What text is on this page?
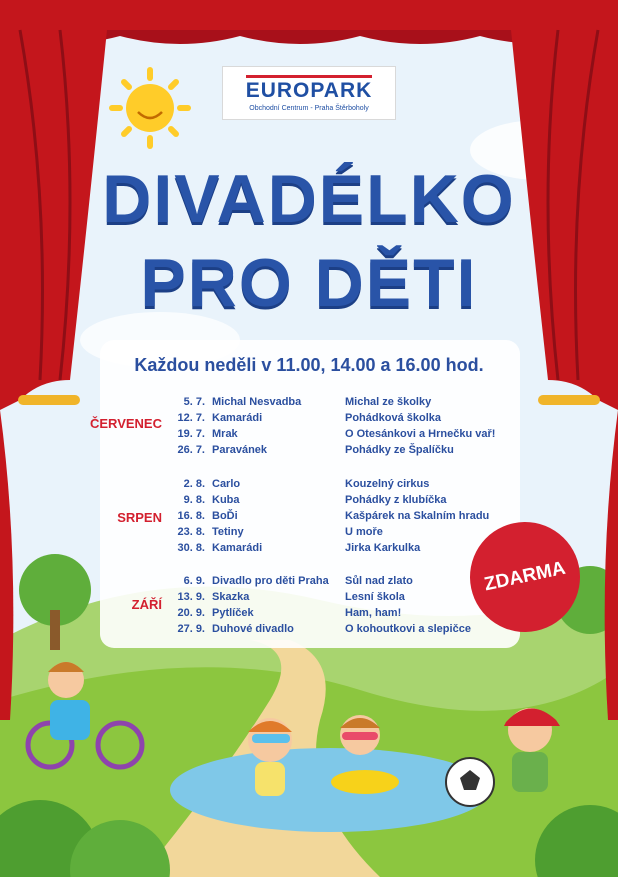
EUROPARK
Obchodní Centrum - Praha Štěrboholy
DIVADÉLKO
PRO DĚTI
Každou neděli v 11.00, 14.00 a 16.00 hod.
ČERVENEC
5. 7. Michal Nesvadba	Michal ze školky
12. 7. Kamarádi	Pohádková školka
19. 7. Mrak	O Otesánkovi a Hrnečku vař!
26. 7. Paravánek	Pohádky ze Špalíčku
SRPEN
2. 8. Carlo	Kouzelný cirkus
9. 8. Kuba	Pohádky z klubíčka
16. 8. BoĎi	Kašpárek na Skalním hradu
23. 8. Tetiny	U moře
30. 8. Kamarádi	Jirka Karkulka
ZÁŘÍ
6. 9. Divadlo pro děti Praha	Sůl nad zlato
13. 9. Skazka	Lesní škola
20. 9. Pytlíček	Ham, ham!
27. 9. Duhové divadlo	O kohoutkovi a slepičce
ZDARMA
